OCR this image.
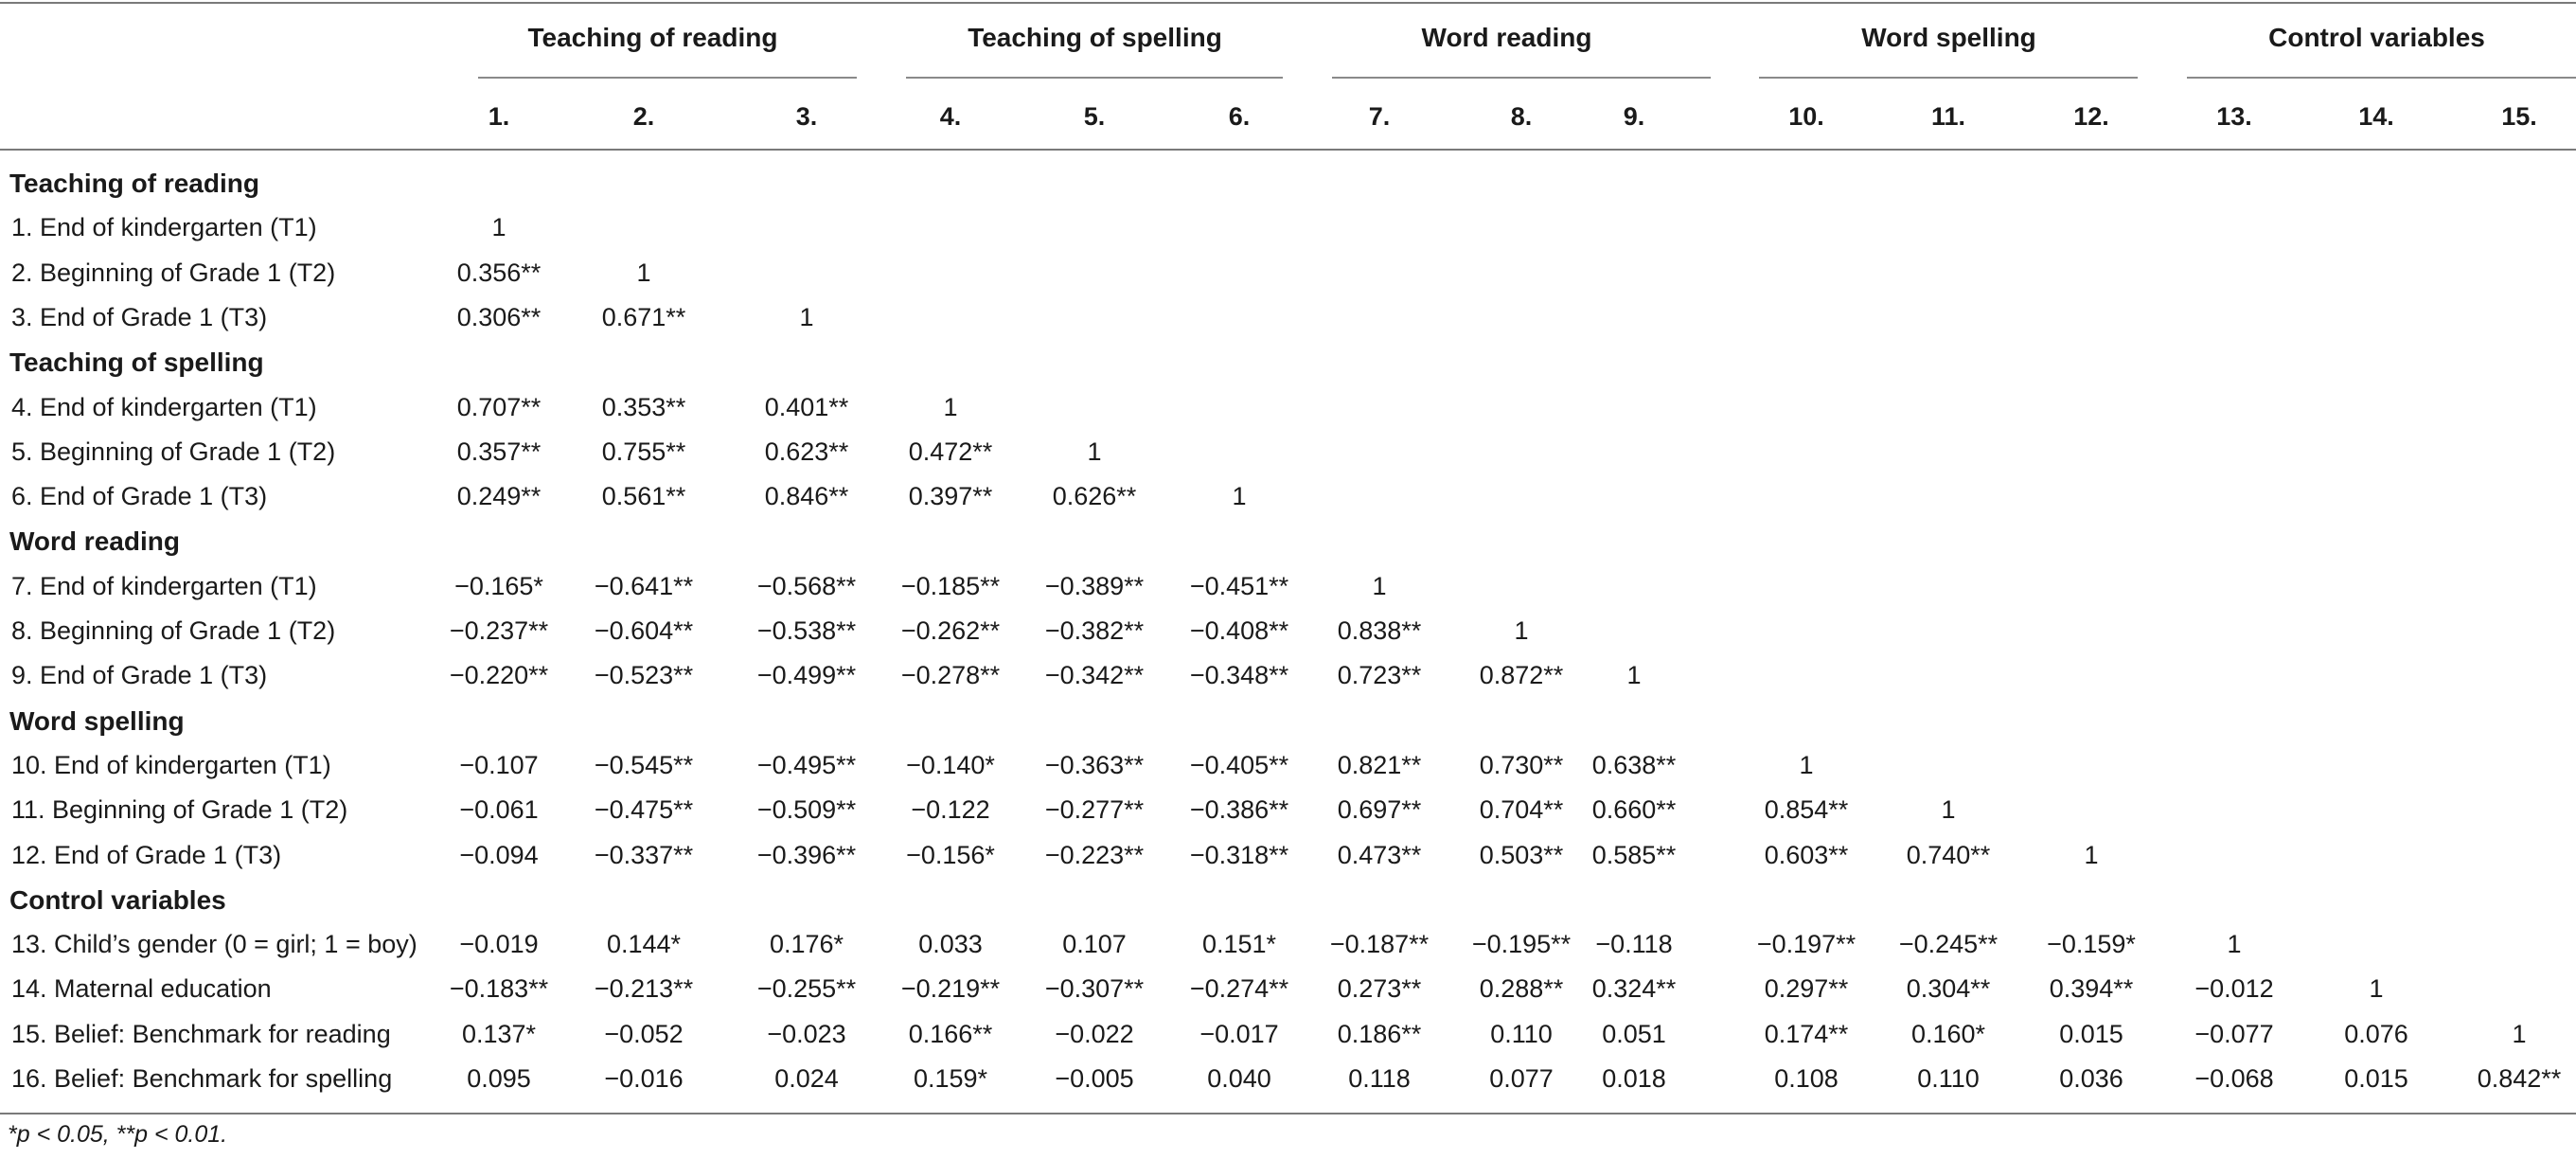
Teaching of reading	Teaching of spelling	Word reading	Word spelling	Control variables
1.	2.	3.	4.	5.	6.	7.	8.	9.	10.	11.	12.	13.	14.	15.
Teaching of reading
1. End of kindergarten (T1)	1
2. Beginning of Grade 1 (T2)	0.356**	1
3. End of Grade 1 (T3)	0.306**	0.671**	1
Teaching of spelling
4. End of kindergarten (T1)	0.707**	0.353**	0.401**	1
5. Beginning of Grade 1 (T2)	0.357**	0.755**	0.623**	0.472**	1
6. End of Grade 1 (T3)	0.249**	0.561**	0.846**	0.397**	0.626**	1
Word reading
7. End of kindergarten (T1)	−0.165*	−0.641**	−0.568**	−0.185**	−0.389**	−0.451**	1
8. Beginning of Grade 1 (T2)	−0.237**	−0.604**	−0.538**	−0.262**	−0.382**	−0.408**	0.838**	1
9. End of Grade 1 (T3)	−0.220**	−0.523**	−0.499**	−0.278**	−0.342**	−0.348**	0.723**	0.872**	1
Word spelling
10. End of kindergarten (T1)	−0.107	−0.545**	−0.495**	−0.140*	−0.363**	−0.405**	0.821**	0.730**	0.638**	1
11. Beginning of Grade 1 (T2)	−0.061	−0.475**	−0.509**	−0.122	−0.277**	−0.386**	0.697**	0.704**	0.660**	0.854**	1
12. End of Grade 1 (T3)	−0.094	−0.337**	−0.396**	−0.156*	−0.223**	−0.318**	0.473**	0.503**	0.585**	0.603**	0.740**	1
Control variables
13. Child’s gender (0 = girl; 1 = boy)	−0.019	0.144*	0.176*	0.033	0.107	0.151*	−0.187**	−0.195** −0.118	−0.197**	−0.245**	−0.159*	1
14. Maternal education	−0.183**	−0.213**	−0.255**	−0.219**	−0.307**	−0.274**	0.273**	0.288**	0.324**	0.297**	0.304**	0.394**	−0.012	1
15. Belief: Benchmark for reading	0.137*	−0.052	−0.023	0.166**	−0.022	−0.017	0.186**	0.110	0.051	0.174**	0.160*	0.015	−0.077	0.076	1
16. Belief: Benchmark for spelling	0.095	−0.016	0.024	0.159*	−0.005	0.040	0.118	0.077	0.018	0.108	0.110	0.036	−0.068	0.015	0.842**
*p < 0.05, **p < 0.01.
